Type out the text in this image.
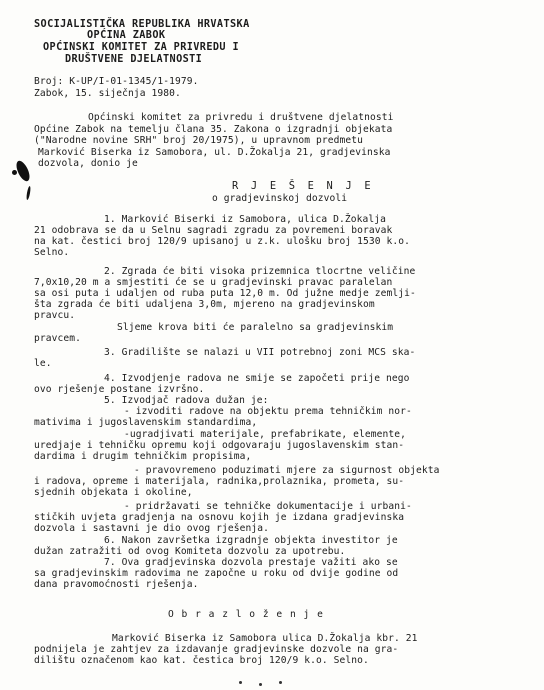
SOCIJALISTIČKA REPUBLIKA HRVATSKA
OPĆINA ZABOK
OPĆINSKI KOMITET ZA PRIVREDU I
DRUŠTVENE DJELATNOSTI
Broj: K-UP/I-01-1345/1-1979.
Zabok, 15. siječnja 1980.
Općinski komitet za privredu i društvene djelatnosti
Općine Zabok na temelju člana 35. Zakona o izgradnji objekata
("Narodne novine SRH" broj 20/1975), u upravnom predmetu
Marković Biserka iz Samobora, ul. D.Žokalja 21, gradjevinska
dozvola, donio je
R J E Š E N J E
o gradjevinskoj dozvoli
1. Marković Biserki iz Samobora, ulica D.Žokalja
21 odobrava se da u Selnu sagradi zgradu za povremeni boravak
na kat. čestici broj 120/9 upisanoj u z.k. ulošku broj 1530 k.o.
Selno.
2. Zgrada će biti visoka prizemnica tlocrtne veličine
7,0x10,20 m a smjestiti će se u gradjevinski pravac paralelan
sa osi puta i udaljen od ruba puta 12,0 m. Od južne medje zemlji-
šta zgrada će biti udaljena 3,0m, mjereno na gradjevinskom
pravcu.
Sljeme krova biti će paralelno sa gradjevinskim
pravcem.
3. Gradilište se nalazi u VII potrebnoj zoni MCS ska-
le.
4. Izvodjenje radova ne smije se započeti prije nego
ovo rješenje postane izvršno.
5. Izvodjač radova dužan je:
- izvoditi radove na objektu prema tehničkim nor-
mativima i jugoslavenskim standardima,
-ugradjivati materijale, prefabrikate, elemente,
uredjaje i tehničku opremu koji odgovaraju jugoslavenskim stan-
dardima i drugim tehničkim propisima,
- pravovremeno poduzimati mjere za sigurnost objekta
i radova, opreme i materijala, radnika,prolaznika, prometa, su-
sjednih objekata i okoline,
- pridržavati se tehničke dokumentacije i urbani-
stičkih uvjeta gradjenja na osnovu kojih je izdana gradjevinska
dozvola i sastavni je dio ovog rješenja.
6. Nakon završetka izgradnje objekta investitor je
dužan zatražiti od ovog Komiteta dozvolu za upotrebu.
7. Ova gradjevinska dozvola prestaje važiti ako se
sa gradjevinskim radovima ne započne u roku od dvije godine od
dana pravomoćnosti rješenja.
O b r a z l o ž e n j e
Marković Biserka iz Samobora ulica D.Žokalja kbr. 21
podnijela je zahtjev za izdavanje gradjevinske dozvole na gra-
dilištu označenom kao kat. čestica broj 120/9 k.o. Selno.
